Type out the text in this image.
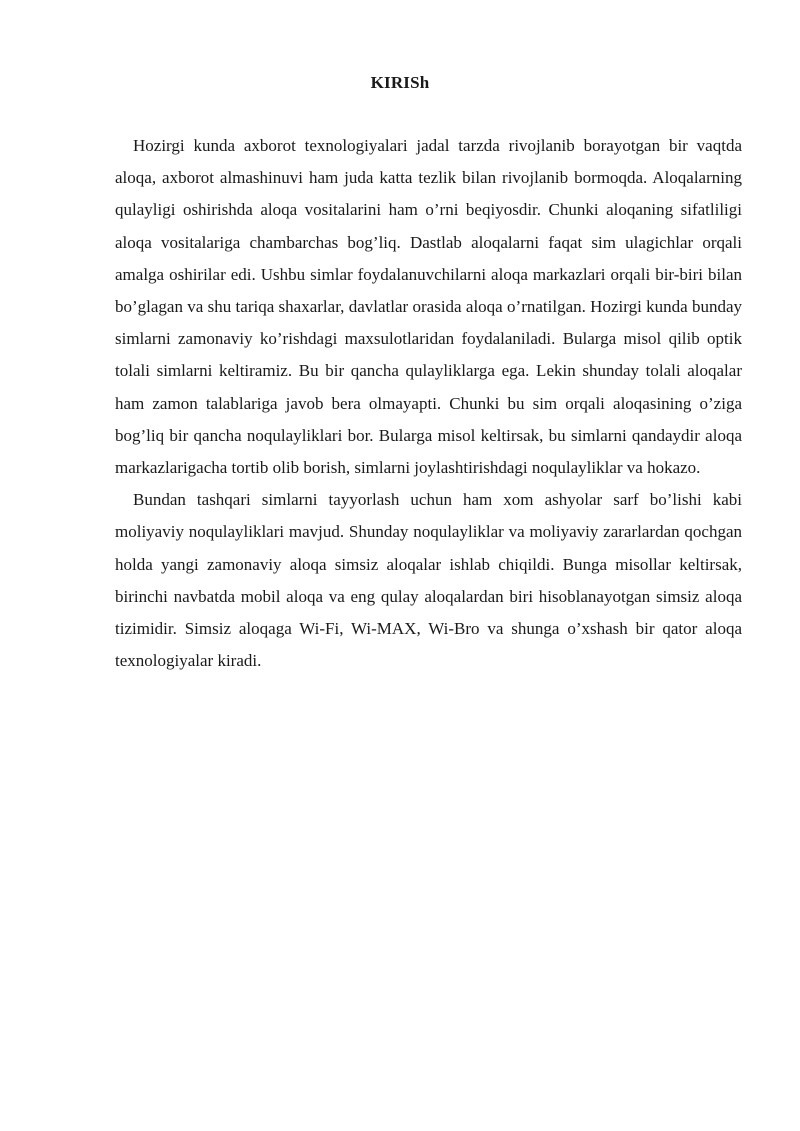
KIRISh

Hozirgi kunda axborot texnologiyalari jadal tarzda rivojlanib borayotgan bir vaqtda aloqa, axborot almashinuvi ham juda katta tezlik bilan rivojlanib bormoqda. Aloqalarning qulayligi oshirishda aloqa vositalarini ham o’rni beqiyosdir. Chunki aloqaning sifatliligi aloqa vositalariga chambarchas bog’liq. Dastlab aloqalarni faqat sim ulagichlar orqali amalga oshirilar edi. Ushbu simlar foydalanuvchilarni aloqa markazlari orqali bir-biri bilan bo’glagan va shu tariqa shaxarlar, davlatlar orasida aloqa o’rnatilgan. Hozirgi kunda bunday simlarni zamonaviy ko’rishdagi maxsulotlaridan foydalaniladi. Bularga misol qilib optik tolali simlarni keltiramiz. Bu bir qancha qulayliklarga ega. Lekin shunday tolali aloqalar ham zamon talablariga javob bera olmayapti. Chunki bu sim orqali aloqasining o’ziga bog’liq bir qancha noqulayliklari bor. Bularga misol keltirsak, bu simlarni qandaydir aloqa markazlarigacha tortib olib borish, simlarni joylashtirishdagi noqulayliklar va hokazo.

Bundan tashqari simlarni tayyorlash uchun ham xom ashyolar sarf bo’lishi kabi moliyaviy noqulayliklari mavjud. Shunday noqulayliklar va moliyaviy zararlardan qochgan holda yangi zamonaviy aloqa simsiz aloqalar ishlab chiqildi. Bunga misollar keltirsak, birinchi navbatda mobil aloqa va eng qulay aloqalardan biri hisoblanayotgan simsiz aloqa tizimidir. Simsiz aloqaga Wi-Fi, Wi-MAX, Wi-Bro va shunga o’xshash bir qator aloqa texnologiyalar kiradi.
